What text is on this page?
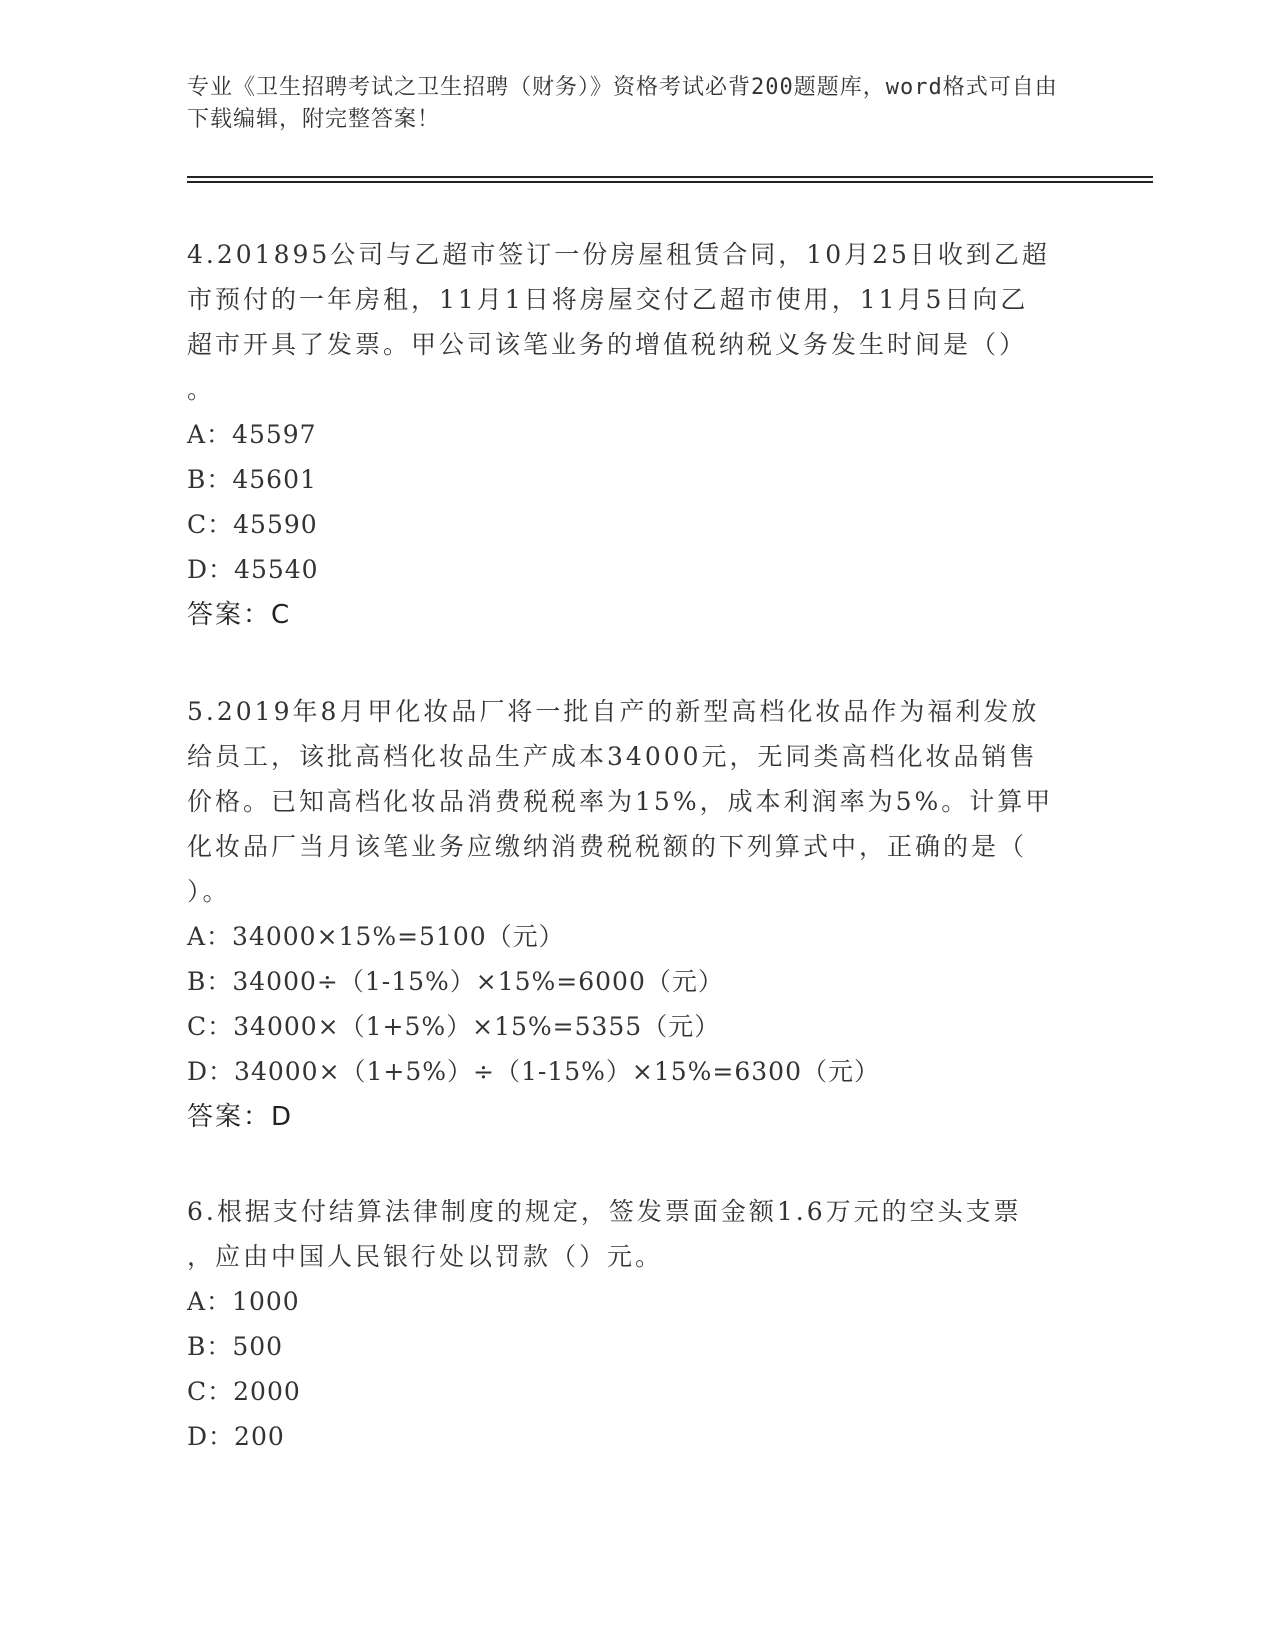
专业《卫生招聘考试之卫生招聘（财务）》资格考试必背200题题库，word格式可自由下载编辑，附完整答案！

4.201895公司与乙超市签订一份房屋租赁合同，10月25日收到乙超

市预付的一年房租，11月1日将房屋交付乙超市使用，11月5日向乙

超市开具了发票。甲公司该笔业务的增值税纳税义务发生时间是（）

。

A：45597

B：45601

C：45590

D：45540

答案：C

5.2019年8月甲化妆品厂将一批自产的新型高档化妆品作为福利发放

给员工，该批高档化妆品生产成本34000元，无同类高档化妆品销售

价格。已知高档化妆品消费税税率为15%，成本利润率为5%。计算甲

化妆品厂当月该笔业务应缴纳消费税税额的下列算式中，正确的是（

）。

A：34000×15%=5100（元）

B：34000÷（1-15%）×15%=6000（元）

C：34000×（1+5%）×15%=5355（元）

D：34000×（1+5%）÷（1-15%）×15%=6300（元）

答案：D

6.根据支付结算法律制度的规定，签发票面金额1.6万元的空头支票

，应由中国人民银行处以罚款（）元。

A：1000

B：500

C：2000

D：200
